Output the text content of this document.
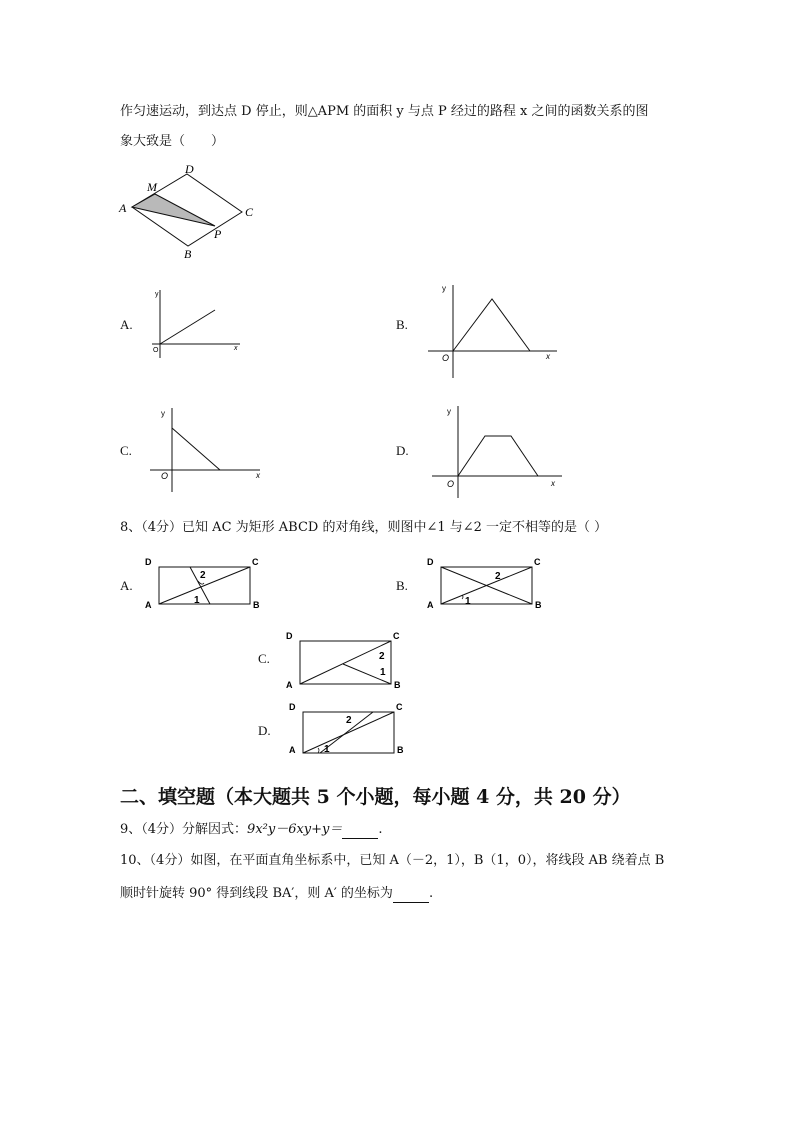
作匀速运动，到达点 D 停止，则△APM 的面积 y 与点 P 经过的路程 x 之间的函数关系的图
象大致是（　　）
A
D
C
B
M
P
A.
y
x
O
B.
y
x
O
C.
y
x
O
D.
y
x
O
8、（4分）已知 AC 为矩形 ABCD 的对角线，则图中∠1 与∠2 一定不相等的是（ ）
A.
D	C
A	B
2
1
B.
D	C
A	B
2
1
C.
D	C
A	B
2
1
D.
D	C
A	B
2
1
二、填空题（本大题共 5 个小题，每小题 4 分，共 20 分）
9、（4分）分解因式：9x²y－6xy+y＝	.
10、（4分）如图，在平面直角坐标系中，已知 A（－2，1），B（1，0），将线段 AB 绕着点 B
顺时针旋转 90° 得到线段 BA′，则 A′ 的坐标为	.
